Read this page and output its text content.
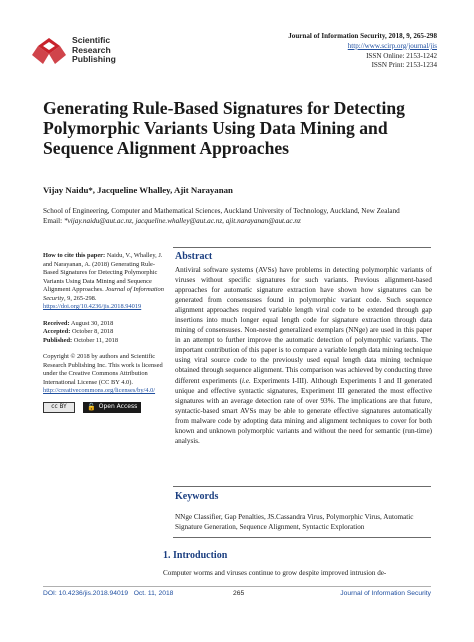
Scientific
Research
Publishing
Journal of Information Security, 2018, 9, 265-298
http://www.scirp.org/journal/jis
ISSN Online: 2153-1242
ISSN Print: 2153-1234
Generating Rule-Based Signatures for Detecting Polymorphic Variants Using Data Mining and Sequence Alignment Approaches
Vijay Naidu*, Jacqueline Whalley, Ajit Narayanan
School of Engineering, Computer and Mathematical Sciences, Auckland University of Technology, Auckland, New Zealand
Email: *vijay.naidu@aut.ac.nz, jacqueline.whalley@aut.ac.nz, ajit.narayanan@aut.ac.nz
How to cite this paper: Naidu, V., Whalley, J. and Narayanan, A. (2018) Generating Rule-Based Signatures for Detecting Polymorphic Variants Using Data Mining and Sequence Alignment Approaches. Journal of Information Security, 9, 265-298.
https://doi.org/10.4236/jis.2018.94019
Received: August 30, 2018
Accepted: October 8, 2018
Published: October 11, 2018
Copyright © 2018 by authors and Scientific Research Publishing Inc. This work is licensed under the Creative Commons Attribution International License (CC BY 4.0).
http://creativecommons.org/licenses/by/4.0/
cc BY	🔓 Open Access
Abstract
Antiviral software systems (AVSs) have problems in detecting polymorphic variants of viruses without specific signatures for such variants. Previous alignment-based approaches for automatic signature extraction have shown how signatures can be generated from consensuses found in polymorphic variant code. Such sequence alignment approaches required variable length viral code to be extended through gap insertions into much longer equal length code for signature extraction through data mining of consensuses. Non-nested generalized exemplars (NNge) are used in this paper in an attempt to further improve the automatic detection of polymorphic variants. The important contribution of this paper is to compare a variable length data mining technique using viral source code to the previously used equal length data mining technique obtained through sequence alignment. This comparison was achieved by conducting three different experiments (i.e. Experiments I-III). Although Experiments I and II generated unique and effective syntactic signatures, Experiment III generated the most effective signatures with an average detection rate of over 93%. The implications are that future, syntactic-based smart AVSs may be able to generate effective signatures automatically from malware code by adopting data mining and alignment techniques to cover for both known and unknown polymorphic variants and without the need for semantic (run-time) analysis.
Keywords
NNge Classifier, Gap Penalties, JS.Cassandra Virus, Polymorphic Virus, Automatic Signature Generation, Sequence Alignment, Syntactic Exploration
1. Introduction
Computer worms and viruses continue to grow despite improved intrusion de-
DOI: 10.4236/jis.2018.94019 Oct. 11, 2018	265	Journal of Information Security
